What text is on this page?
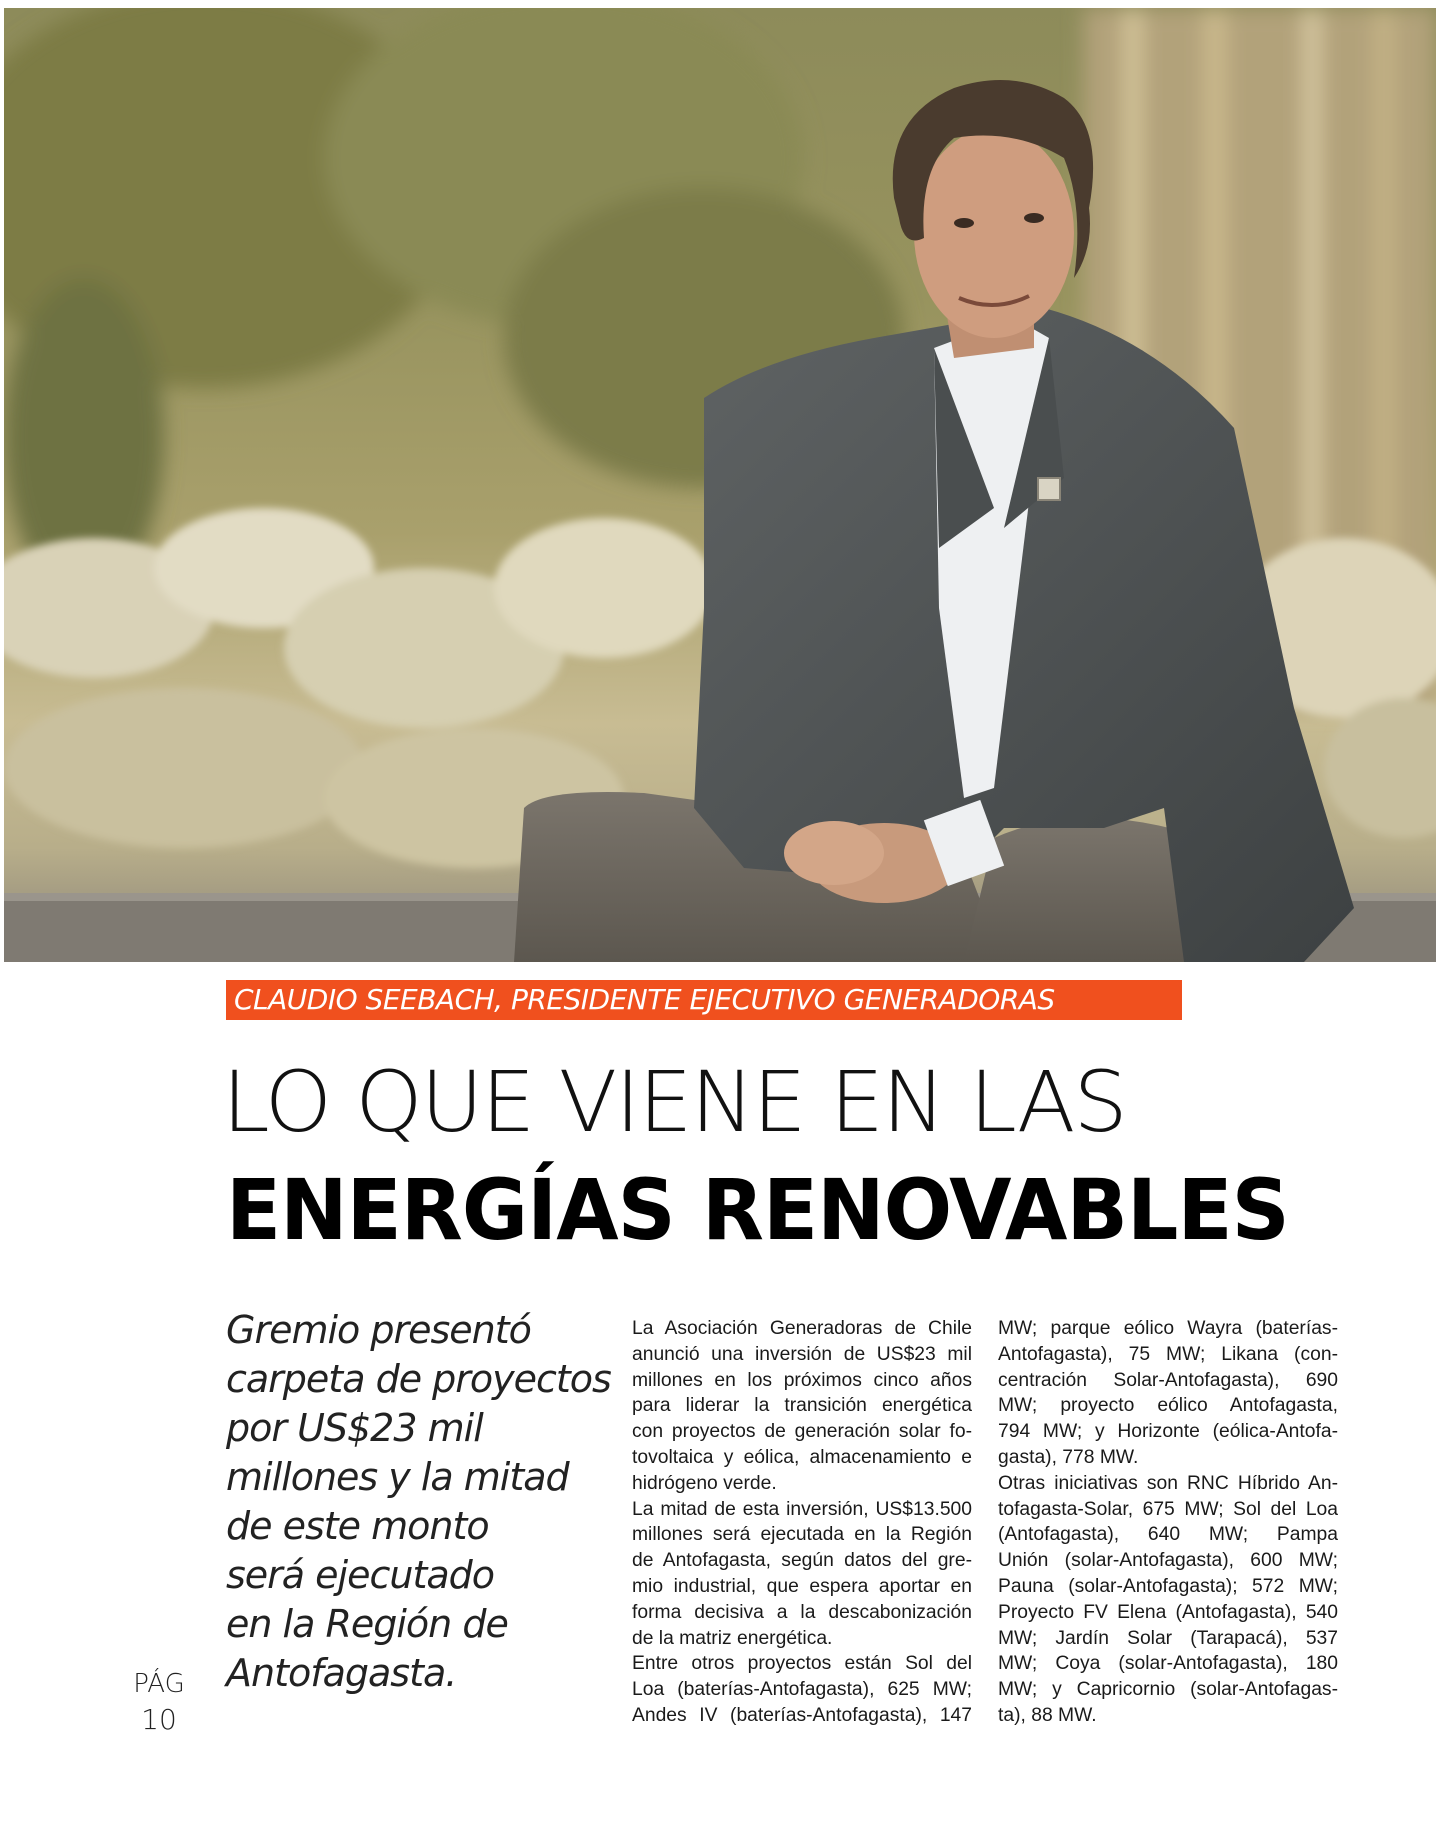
CLAUDIO SEEBACH, PRESIDENTE EJECUTIVO GENERADORAS
LO QUE VIENE EN LAS
ENERGÍAS RENOVABLES
Gremio presentó
carpeta de proyectos
por US$23 mil
millones y la mitad
de este monto
será ejecutado
en la Región de
Antofagasta.
PÁG
10
La Asociación Generadoras de Chile
anunció una inversión de US$23 mil
millones en los próximos cinco años
para liderar la transición energética
con proyectos de generación solar fo-
tovoltaica y eólica, almacenamiento e
hidrógeno verde.
La mitad de esta inversión, US$13.500
millones será ejecutada en la Región
de Antofagasta, según datos del gre-
mio industrial, que espera aportar en
forma decisiva a la descabonización
de la matriz energética.
Entre otros proyectos están Sol del
Loa (baterías-Antofagasta), 625 MW;
Andes IV (baterías-Antofagasta), 147
MW; parque eólico Wayra (baterías-
Antofagasta), 75 MW; Likana (con-
centración Solar-Antofagasta), 690
MW; proyecto eólico Antofagasta,
794 MW; y Horizonte (eólica-Antofa-
gasta), 778 MW.
Otras iniciativas son RNC Híbrido An-
tofagasta-Solar, 675 MW; Sol del Loa
(Antofagasta), 640 MW; Pampa
Unión (solar-Antofagasta), 600 MW;
Pauna (solar-Antofagasta); 572 MW;
Proyecto FV Elena (Antofagasta), 540
MW; Jardín Solar (Tarapacá), 537
MW; Coya (solar-Antofagasta), 180
MW; y Capricornio (solar-Antofagas-
ta), 88 MW.
